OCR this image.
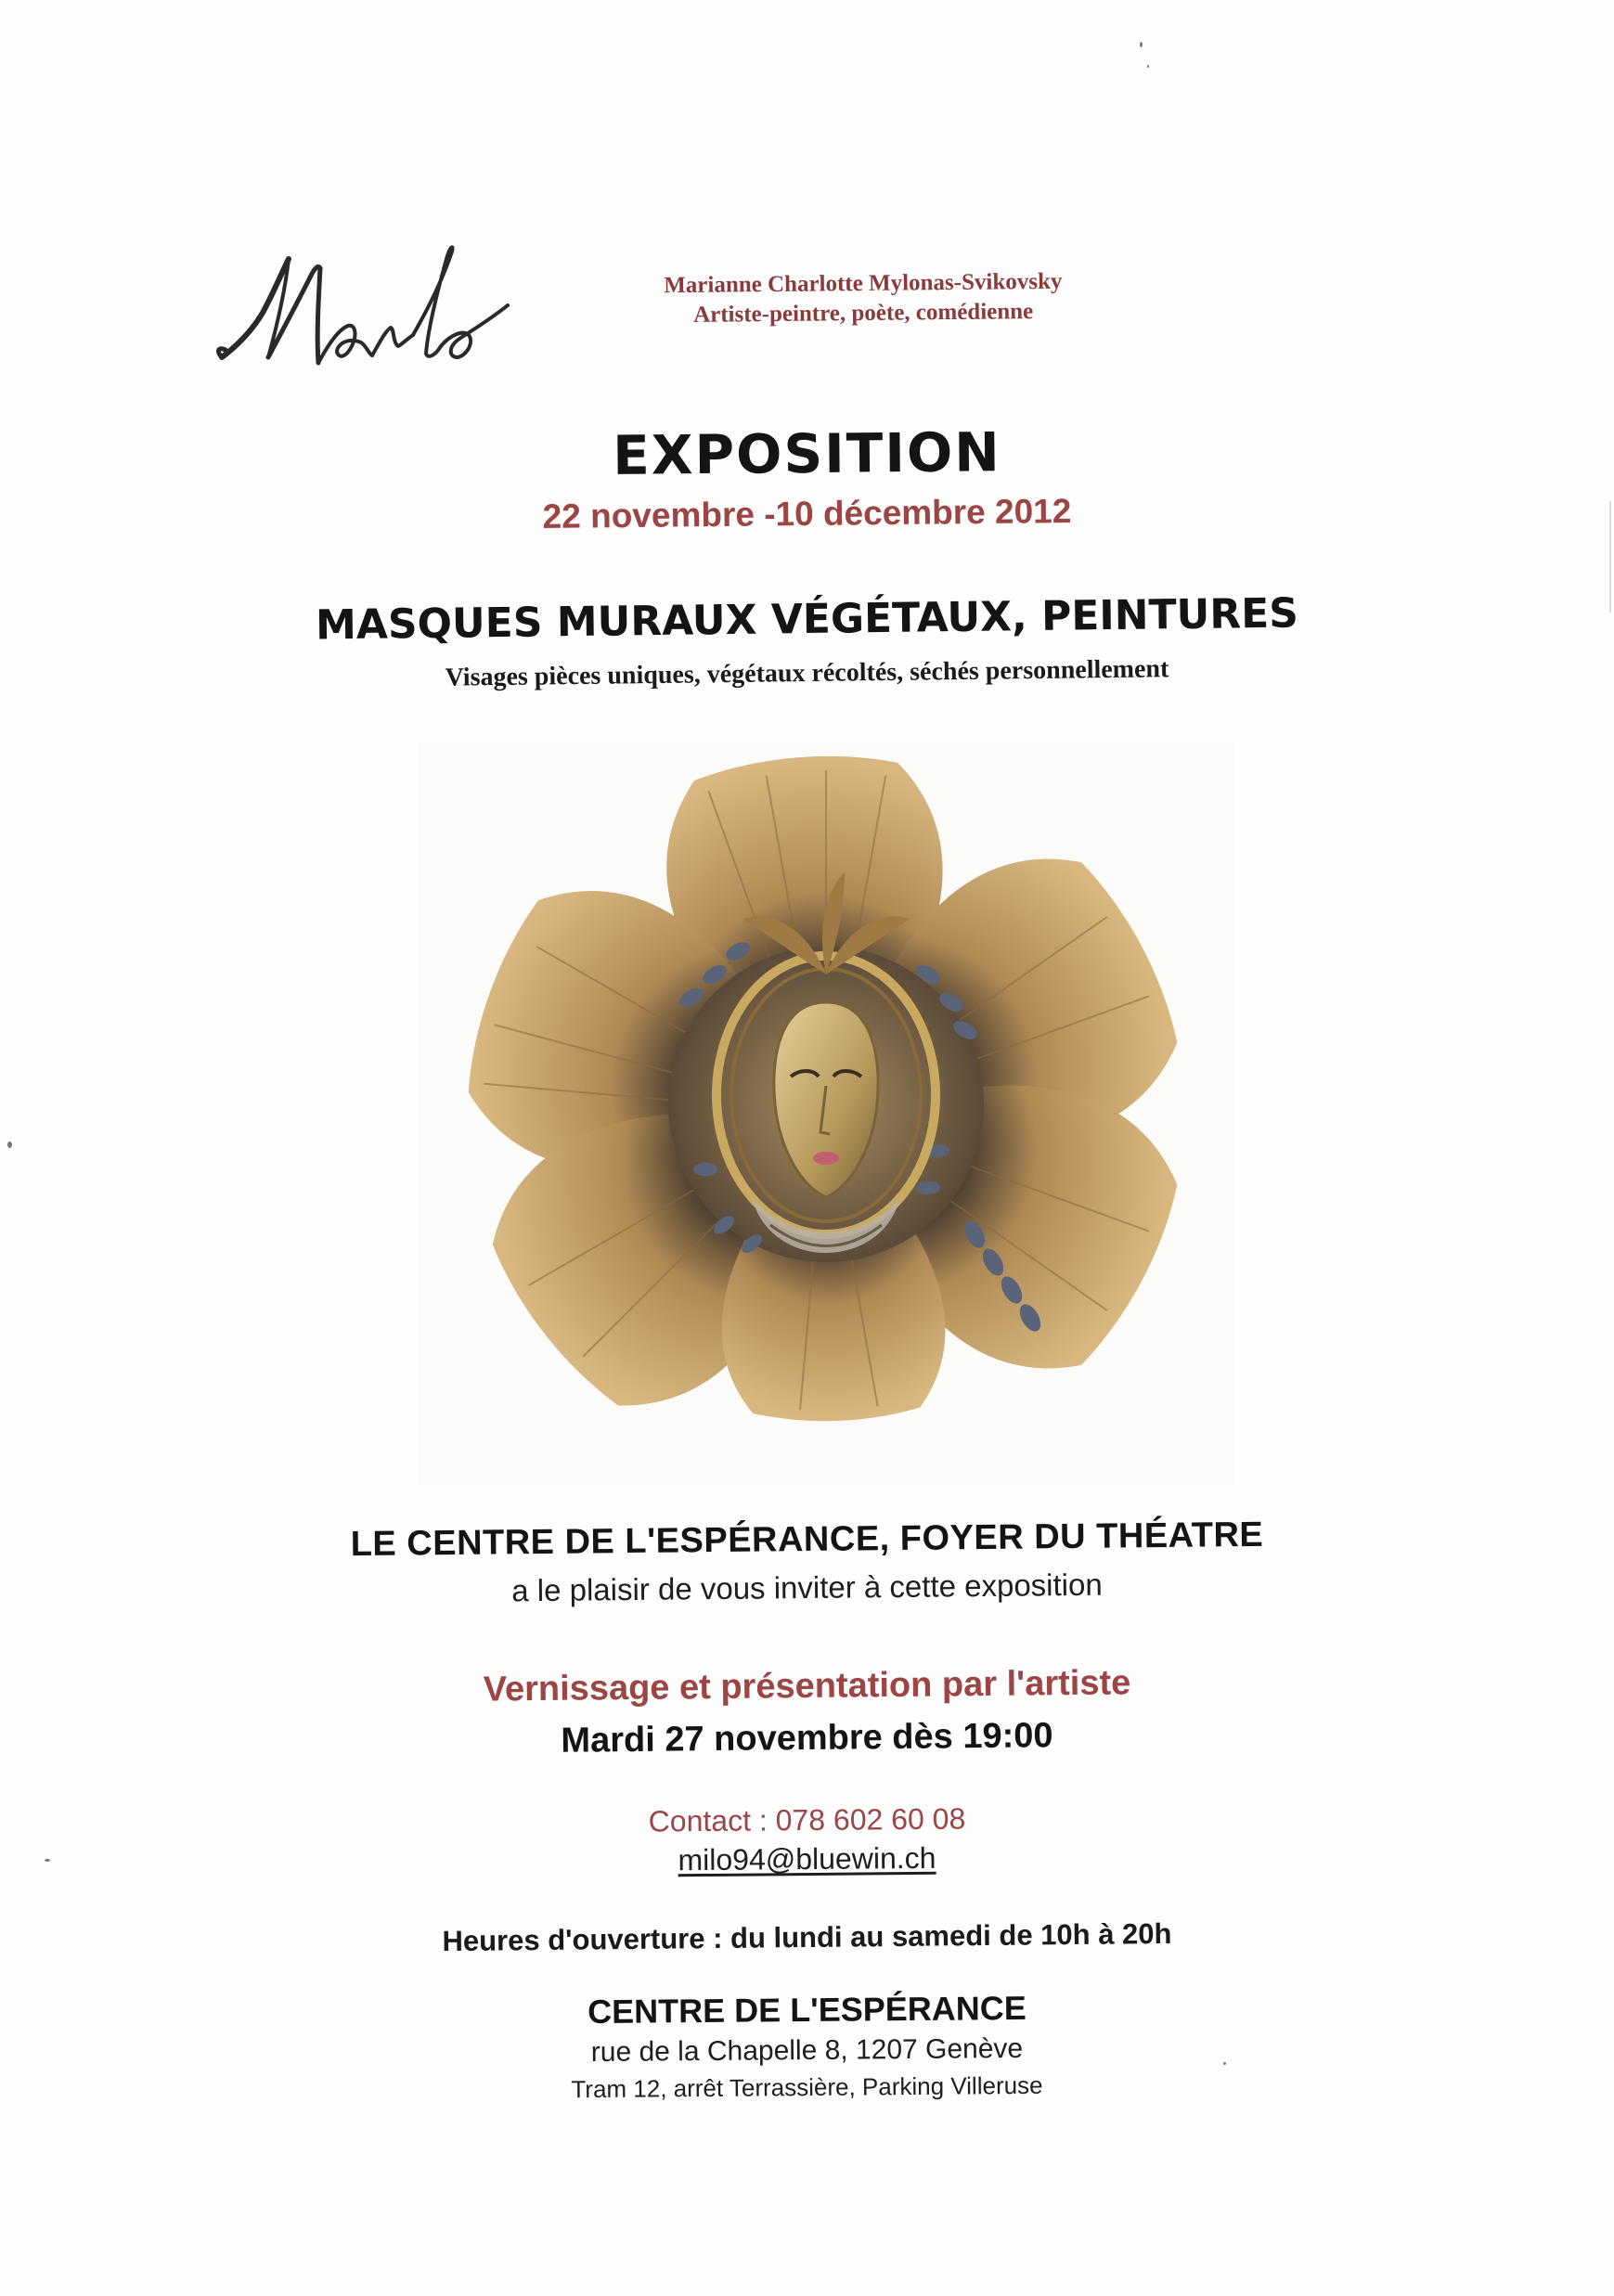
Marianne Charlotte Mylonas-Svikovsky
Artiste-peintre, poète, comédienne
EXPOSITION
22 novembre -10 décembre 2012
MASQUES MURAUX VÉGÉTAUX, PEINTURES
Visages pièces uniques, végétaux récoltés, séchés personnellement
LE CENTRE DE L'ESPÉRANCE, FOYER DU THÉATRE
a le plaisir de vous inviter à cette exposition
Vernissage et présentation par l'artiste
Mardi 27 novembre dès 19:00
Contact : 078 602 60 08
milo94@bluewin.ch
Heures d'ouverture : du lundi au samedi de 10h à 20h
CENTRE DE L'ESPÉRANCE
rue de la Chapelle 8, 1207 Genève
Tram 12, arrêt Terrassière, Parking Villeruse
